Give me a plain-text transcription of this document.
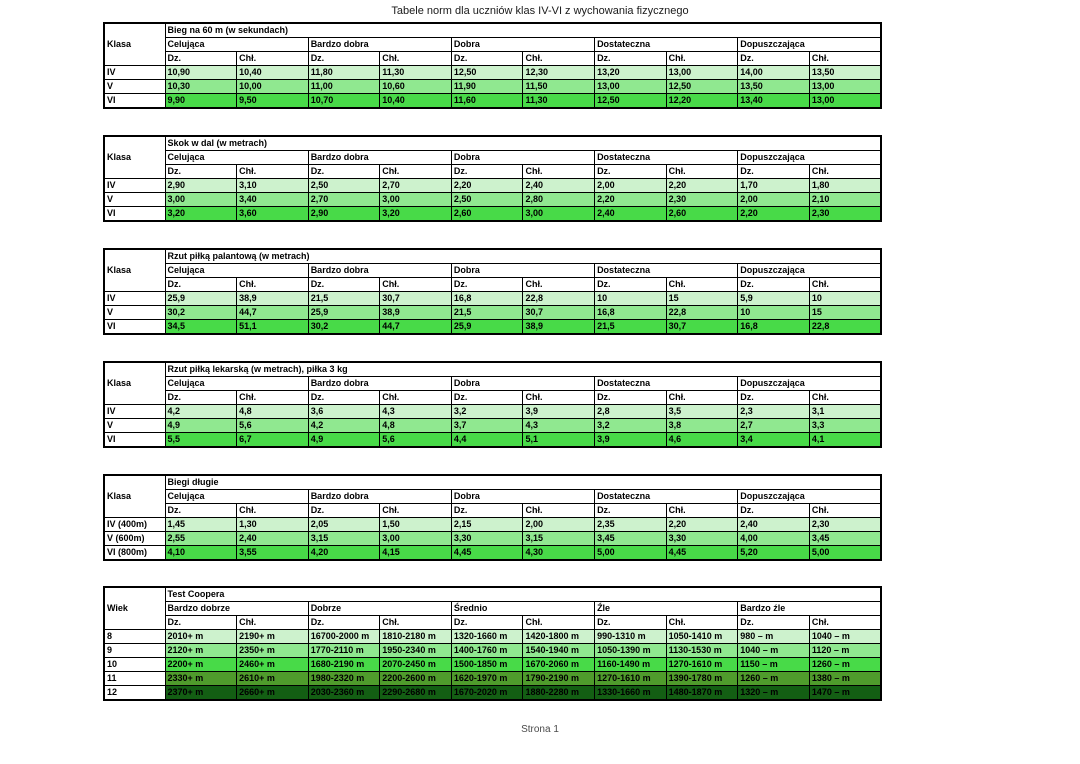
Tabele norm dla uczniów klas IV-VI z wychowania fizycznego
Klasa	Bieg na 60 m (w sekundach)									
	Celująca		Bardzo dobra		Dobra		Dostateczna		Dopuszczająca	
	Dz.	Chł.	Dz.	Chł.	Dz.	Chł.	Dz.	Chł.	Dz.	Chł.
IV	10,90	10,40	11,80	11,30	12,50	12,30	13,20	13,00	14,00	13,50
V	10,30	10,00	11,00	10,60	11,90	11,50	13,00	12,50	13,50	13,00
VI	9,90	9,50	10,70	10,40	11,60	11,30	12,50	12,20	13,40	13,00
Klasa	Skok w dal (w metrach)									
	Celująca		Bardzo dobra		Dobra		Dostateczna		Dopuszczająca	
	Dz.	Chł.	Dz.	Chł.	Dz.	Chł.	Dz.	Chł.	Dz.	Chł.
IV	2,90	3,10	2,50	2,70	2,20	2,40	2,00	2,20	1,70	1,80
V	3,00	3,40	2,70	3,00	2,50	2,80	2,20	2,30	2,00	2,10
VI	3,20	3,60	2,90	3,20	2,60	3,00	2,40	2,60	2,20	2,30
Klasa	Rzut piłką palantową (w metrach)									
	Celująca		Bardzo dobra		Dobra		Dostateczna		Dopuszczająca	
	Dz.	Chł.	Dz.	Chł.	Dz.	Chł.	Dz.	Chł.	Dz.	Chł.
IV	25,9	38,9	21,5	30,7	16,8	22,8	10	15	5,9	10
V	30,2	44,7	25,9	38,9	21,5	30,7	16,8	22,8	10	15
VI	34,5	51,1	30,2	44,7	25,9	38,9	21,5	30,7	16,8	22,8
Klasa	Rzut piłką lekarską (w metrach), piłka 3 kg									
	Celująca		Bardzo dobra		Dobra		Dostateczna		Dopuszczająca	
	Dz.	Chł.	Dz.	Chł.	Dz.	Chł.	Dz.	Chł.	Dz.	Chł.
IV	4,2	4,8	3,6	4,3	3,2	3,9	2,8	3,5	2,3	3,1
V	4,9	5,6	4,2	4,8	3,7	4,3	3,2	3,8	2,7	3,3
VI	5,5	6,7	4,9	5,6	4,4	5,1	3,9	4,6	3,4	4,1
Klasa	Biegi długie									
	Celująca		Bardzo dobra		Dobra		Dostateczna		Dopuszczająca	
	Dz.	Chł.	Dz.	Chł.	Dz.	Chł.	Dz.	Chł.	Dz.	Chł.
IV (400m)	1,45	1,30	2,05	1,50	2,15	2,00	2,35	2,20	2,40	2,30
V (600m)	2,55	2,40	3,15	3,00	3,30	3,15	3,45	3,30	4,00	3,45
VI (800m)	4,10	3,55	4,20	4,15	4,45	4,30	5,00	4,45	5,20	5,00
Wiek	Test Coopera									
	Bardzo dobrze		Dobrze		Średnio		Źle		Bardzo źle	
	Dz.	Chł.	Dz.	Chł.	Dz.	Chł.	Dz.	Chł.	Dz.	Chł.
8	2010+ m	2190+ m	16700-2000 m	1810-2180 m	1320-1660 m	1420-1800 m	990-1310 m	1050-1410 m	980 – m	1040 – m
9	2120+ m	2350+ m	1770-2110 m	1950-2340 m	1400-1760 m	1540-1940 m	1050-1390 m	1130-1530 m	1040 – m	1120 – m
10	2200+ m	2460+ m	1680-2190 m	2070-2450 m	1500-1850 m	1670-2060 m	1160-1490 m	1270-1610 m	1150 – m	1260 – m
11	2330+ m	2610+ m	1980-2320 m	2200-2600 m	1620-1970 m	1790-2190 m	1270-1610 m	1390-1780 m	1260 – m	1380 – m
12	2370+ m	2660+ m	2030-2360 m	2290-2680 m	1670-2020 m	1880-2280 m	1330-1660 m	1480-1870 m	1320 – m	1470 – m
Strona 1
